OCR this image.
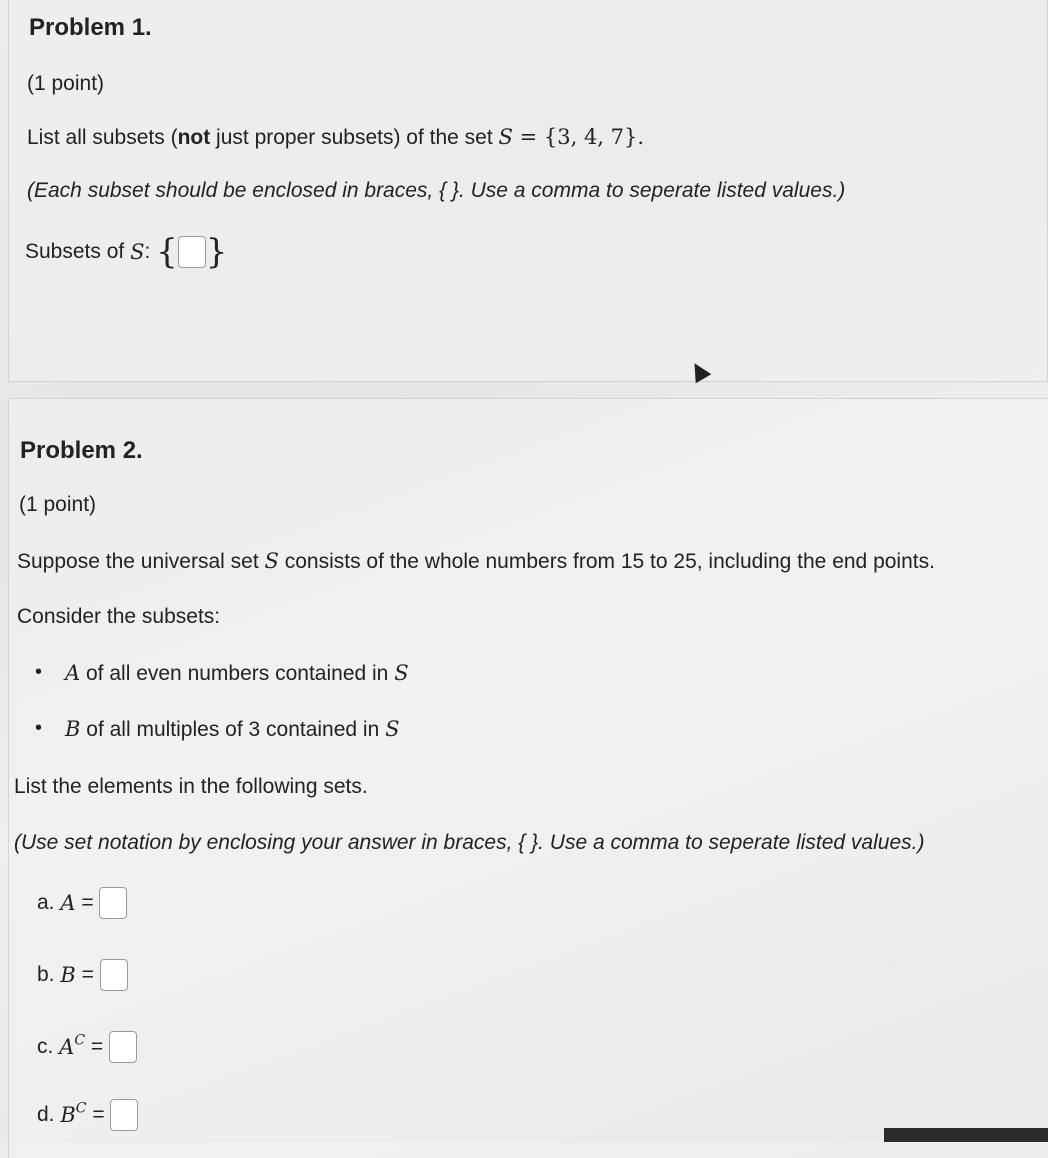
Problem 1.
(1 point)
List all subsets (not just proper subsets) of the set S = {3, 4, 7}.
(Each subset should be enclosed in braces, { }. Use a comma to seperate listed values.)
Subsets of S: { }
Problem 2.
(1 point)
Suppose the universal set S consists of the whole numbers from 15 to 25, including the end points.
Consider the subsets:
• A of all even numbers contained in S
• B of all multiples of 3 contained in S
List the elements in the following sets.
(Use set notation by enclosing your answer in braces, { }. Use a comma to seperate listed values.)
a. A =
b. B =
c. $A^C$ =
d. $B^C$ =
